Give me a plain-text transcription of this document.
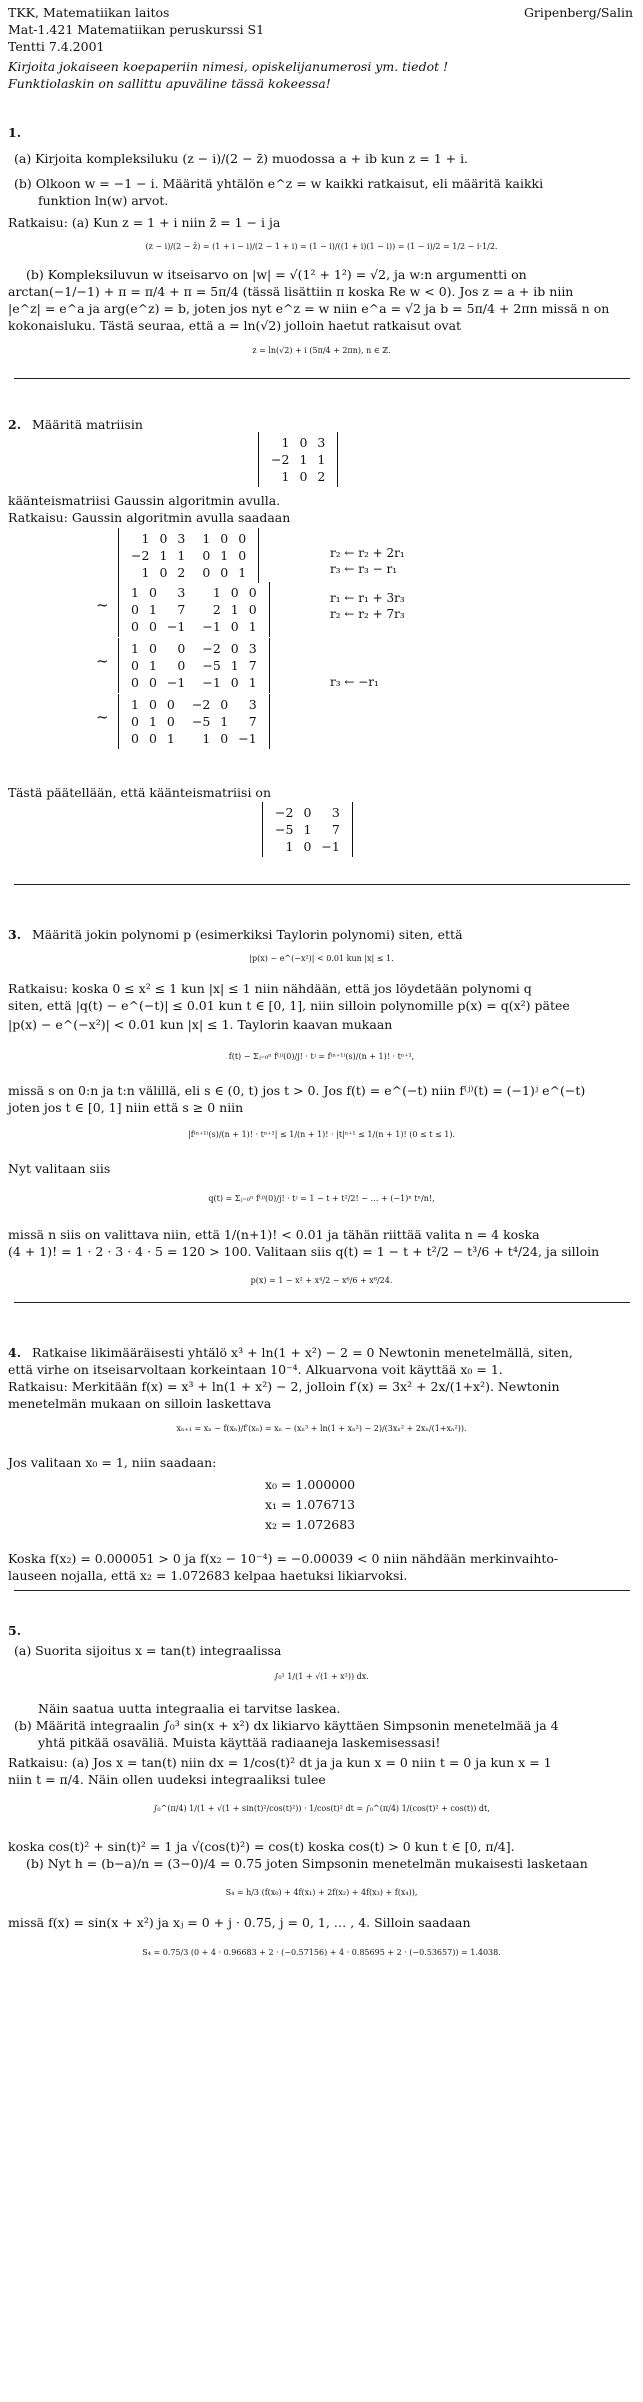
TKK, Matematiikan laitos	Gripenberg/Salin
Mat-1.421 Matematiikan peruskurssi S1
Tentti 7.4.2001
Kirjoita jokaiseen koepaperiin nimesi, opiskelijanumerosi ym. tiedot !
Funktiolaskin on sallittu apuväline tässä kokeessa!
1.
(a) Kirjoita kompleksiluku (z − i)/(2 − z̄) muodossa a + ib kun z = 1 + i.
(b) Olkoon w = −1 − i. Määritä yhtälön e^z = w kaikki ratkaisut, eli määritä kaikki
funktion ln(w) arvot.
Ratkaisu: (a) Kun z = 1 + i niin z̄ = 1 − i ja
(z − i)/(2 − z̄) = (1 + i − i)/(2 − 1 + i) = (1 − i)/((1 + i)(1 − i)) = (1 − i)/2 = 1/2 − i·1/2.
(b) Kompleksiluvun w itseisarvo on |w| = √(1² + 1²) = √2, ja w:n argumentti on
arctan(−1/−1) + π = π/4 + π = 5π/4 (tässä lisättiin π koska Re w < 0). Jos z = a + ib niin
|e^z| = e^a ja arg(e^z) = b, joten jos nyt e^z = w niin e^a = √2 ja b = 5π/4 + 2πn missä n on
kokonaisluku. Tästä seuraa, että a = ln(√2) jolloin haetut ratkaisut ovat
z = ln(√2) + i (5π/4 + 2πn), n ∈ ℤ.
2. Määritä matriisin
1	0	3
−2	1	1
1	0	2
käänteismatriisi Gaussin algoritmin avulla.
Ratkaisu: Gaussin algoritmin avulla saadaan
1	0	3	1	0	0
−2	1	1	0	1	0
1	0	2	0	0	1
r₂ ← r₂ + 2r₁
r₃ ← r₃ − r₁
~
1	0	3	1	0	0
0	1	7	2	1	0
0	0	−1	−1	0	1
r₁ ← r₁ + 3r₃
r₂ ← r₂ + 7r₃
~
1	0	0	−2	0	3
0	1	0	−5	1	7
0	0	−1	−1	0	1	r₃ ← −r₁
~
1	0	0	−2	0	3
0	1	0	−5	1	7
0	0	1	1	0	−1
Tästä päätellään, että käänteismatriisi on
−2	0	3
−5	1	7
1	0	−1
3. Määritä jokin polynomi p (esimerkiksi Taylorin polynomi) siten, että
|p(x) − e^(−x²)| < 0.01 kun |x| ≤ 1.
Ratkaisu: koska 0 ≤ x² ≤ 1 kun |x| ≤ 1 niin nähdään, että jos löydetään polynomi q
siten, että |q(t) − e^(−t)| ≤ 0.01 kun t ∈ [0, 1], niin silloin polynomille p(x) = q(x²) pätee
|p(x) − e^(−x²)| < 0.01 kun |x| ≤ 1. Taylorin kaavan mukaan
f(t) − Σⱼ₌₀ⁿ f⁽ʲ⁾(0)/j! · tʲ = f⁽ⁿ⁺¹⁾(s)/(n + 1)! · tⁿ⁺¹,
missä s on 0:n ja t:n välillä, eli s ∈ (0, t) jos t > 0. Jos f(t) = e^(−t) niin f⁽ʲ⁾(t) = (−1)ʲ e^(−t)
joten jos t ∈ [0, 1] niin että s ≥ 0 niin
|f⁽ⁿ⁺¹⁾(s)/(n + 1)! · tⁿ⁺¹| ≤ 1/(n + 1)! · |t|ⁿ⁺¹ ≤ 1/(n + 1)! (0 ≤ t ≤ 1).
Nyt valitaan siis
q(t) = Σⱼ₌₀ⁿ f⁽ʲ⁾(0)/j! · tʲ = 1 − t + t²/2! − … + (−1)ⁿ tⁿ/n!,
missä n siis on valittava niin, että 1/(n+1)! < 0.01 ja tähän riittää valita n = 4 koska
(4 + 1)! = 1 · 2 · 3 · 4 · 5 = 120 > 100. Valitaan siis q(t) = 1 − t + t²/2 − t³/6 + t⁴/24, ja silloin
p(x) = 1 − x² + x⁴/2 − x⁶/6 + x⁸/24.
4. Ratkaise likimääräisesti yhtälö x³ + ln(1 + x²) − 2 = 0 Newtonin menetelmällä, siten,
että virhe on itseisarvoltaan korkeintaan 10⁻⁴. Alkuarvona voit käyttää x₀ = 1.
Ratkaisu: Merkitään f(x) = x³ + ln(1 + x²) − 2, jolloin f′(x) = 3x² + 2x/(1+x²). Newtonin
menetelmän mukaan on silloin laskettava
xₙ₊₁ = xₙ − f(xₙ)/f′(xₙ) = xₙ − (xₙ³ + ln(1 + xₙ²) − 2)/(3xₙ² + 2xₙ/(1+xₙ²)).
Jos valitaan x₀ = 1, niin saadaan:
x₀ = 1.000000
x₁ = 1.076713
x₂ = 1.072683
Koska f(x₂) = 0.000051 > 0 ja f(x₂ − 10⁻⁴) = −0.00039 < 0 niin nähdään merkinvaihto-
lauseen nojalla, että x₂ = 1.072683 kelpaa haetuksi likiarvoksi.
5.
(a) Suorita sijoitus x = tan(t) integraalissa
∫₀¹ 1/(1 + √(1 + x²)) dx.
Näin saatua uutta integraalia ei tarvitse laskea.
(b) Määritä integraalin ∫₀³ sin(x + x²) dx likiarvo käyttäen Simpsonin menetelmää ja 4
yhtä pitkää osaväliä. Muista käyttää radiaaneja laskemisessasi!
Ratkaisu: (a) Jos x = tan(t) niin dx = 1/cos(t)² dt ja ja kun x = 0 niin t = 0 ja kun x = 1
niin t = π/4. Näin ollen uudeksi integraaliksi tulee
∫₀^(π/4) 1/(1 + √(1 + sin(t)²/cos(t)²)) · 1/cos(t)² dt = ∫₀^(π/4) 1/(cos(t)² + cos(t)) dt,
koska cos(t)² + sin(t)² = 1 ja √(cos(t)²) = cos(t) koska cos(t) > 0 kun t ∈ [0, π/4].
(b) Nyt h = (b−a)/n = (3−0)/4 = 0.75 joten Simpsonin menetelmän mukaisesti lasketaan
S₄ = h/3 (f(x₀) + 4f(x₁) + 2f(x₂) + 4f(x₃) + f(x₄)),
missä f(x) = sin(x + x²) ja xⱼ = 0 + j · 0.75, j = 0, 1, … , 4. Silloin saadaan
S₄ = 0.75/3 (0 + 4 · 0.96683 + 2 · (−0.57156) + 4 · 0.85695 + 2 · (−0.53657)) = 1.4038.
